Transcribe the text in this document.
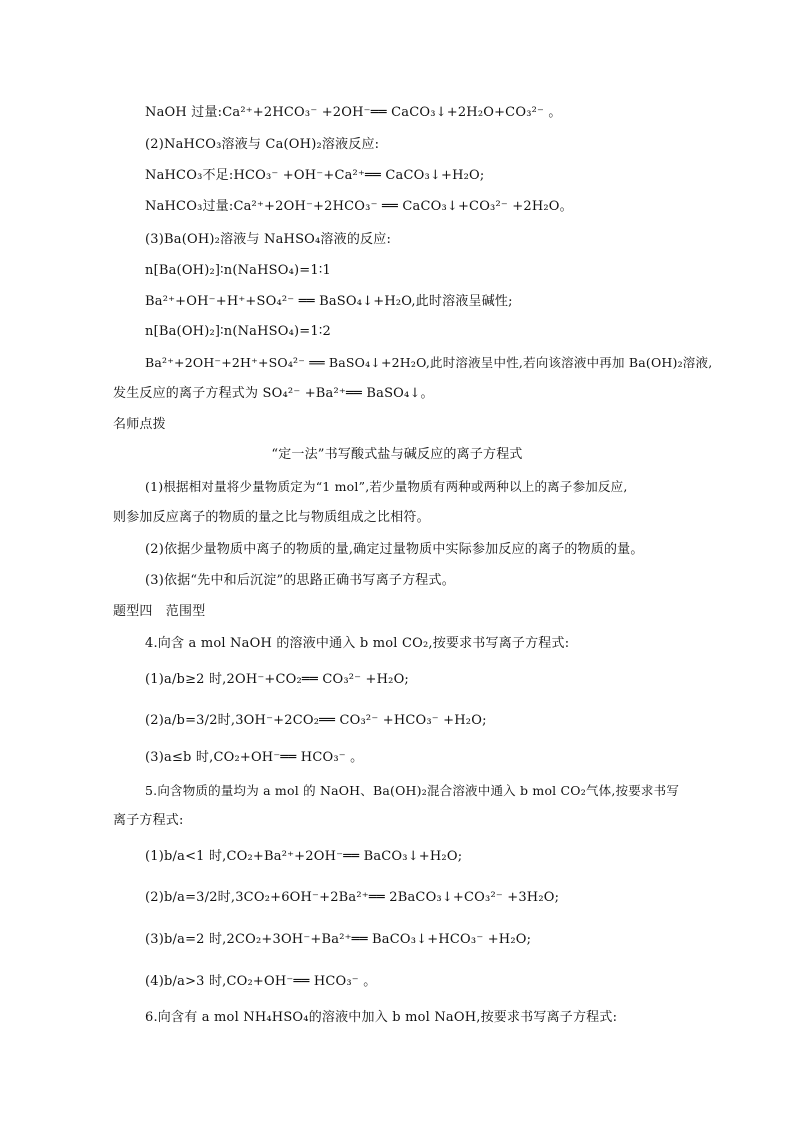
NaOH 过量:Ca²⁺+2HCO₃⁻ +2OH⁻══ CaCO₃↓+2H₂O+CO₃²⁻ 。
(2)NaHCO₃溶液与 Ca(OH)₂溶液反应:
NaHCO₃不足:HCO₃⁻ +OH⁻+Ca²⁺══ CaCO₃↓+H₂O;
NaHCO₃过量:Ca²⁺+2OH⁻+2HCO₃⁻ ══ CaCO₃↓+CO₃²⁻ +2H₂O。
(3)Ba(OH)₂溶液与 NaHSO₄溶液的反应:
n[Ba(OH)₂]∶n(NaHSO₄)=1∶1
Ba²⁺+OH⁻+H⁺+SO₄²⁻ ══ BaSO₄↓+H₂O,此时溶液呈碱性;
n[Ba(OH)₂]∶n(NaHSO₄)=1∶2
Ba²⁺+2OH⁻+2H⁺+SO₄²⁻ ══ BaSO₄↓+2H₂O,此时溶液呈中性,若向该溶液中再加 Ba(OH)₂溶液,
发生反应的离子方程式为 SO₄²⁻ +Ba²⁺══ BaSO₄↓。
名师点拨
“定一法”书写酸式盐与碱反应的离子方程式
(1)根据相对量将少量物质定为“1 mol”,若少量物质有两种或两种以上的离子参加反应,
则参加反应离子的物质的量之比与物质组成之比相符。
(2)依据少量物质中离子的物质的量,确定过量物质中实际参加反应的离子的物质的量。
(3)依据“先中和后沉淀”的思路正确书写离子方程式。
题型四　范围型
4.向含 a mol NaOH 的溶液中通入 b mol CO₂,按要求书写离子方程式:
(1)a/b≥2 时,2OH⁻+CO₂══ CO₃²⁻ +H₂O;
(2)a/b=3/2时,3OH⁻+2CO₂══ CO₃²⁻ +HCO₃⁻ +H₂O;
(3)a≤b 时,CO₂+OH⁻══ HCO₃⁻ 。
5.向含物质的量均为 a mol 的 NaOH、Ba(OH)₂混合溶液中通入 b mol CO₂气体,按要求书写
离子方程式:
(1)b/a<1 时,CO₂+Ba²⁺+2OH⁻══ BaCO₃↓+H₂O;
(2)b/a=3/2时,3CO₂+6OH⁻+2Ba²⁺══ 2BaCO₃↓+CO₃²⁻ +3H₂O;
(3)b/a=2 时,2CO₂+3OH⁻+Ba²⁺══ BaCO₃↓+HCO₃⁻ +H₂O;
(4)b/a>3 时,CO₂+OH⁻══ HCO₃⁻ 。
6.向含有 a mol NH₄HSO₄的溶液中加入 b mol NaOH,按要求书写离子方程式:
